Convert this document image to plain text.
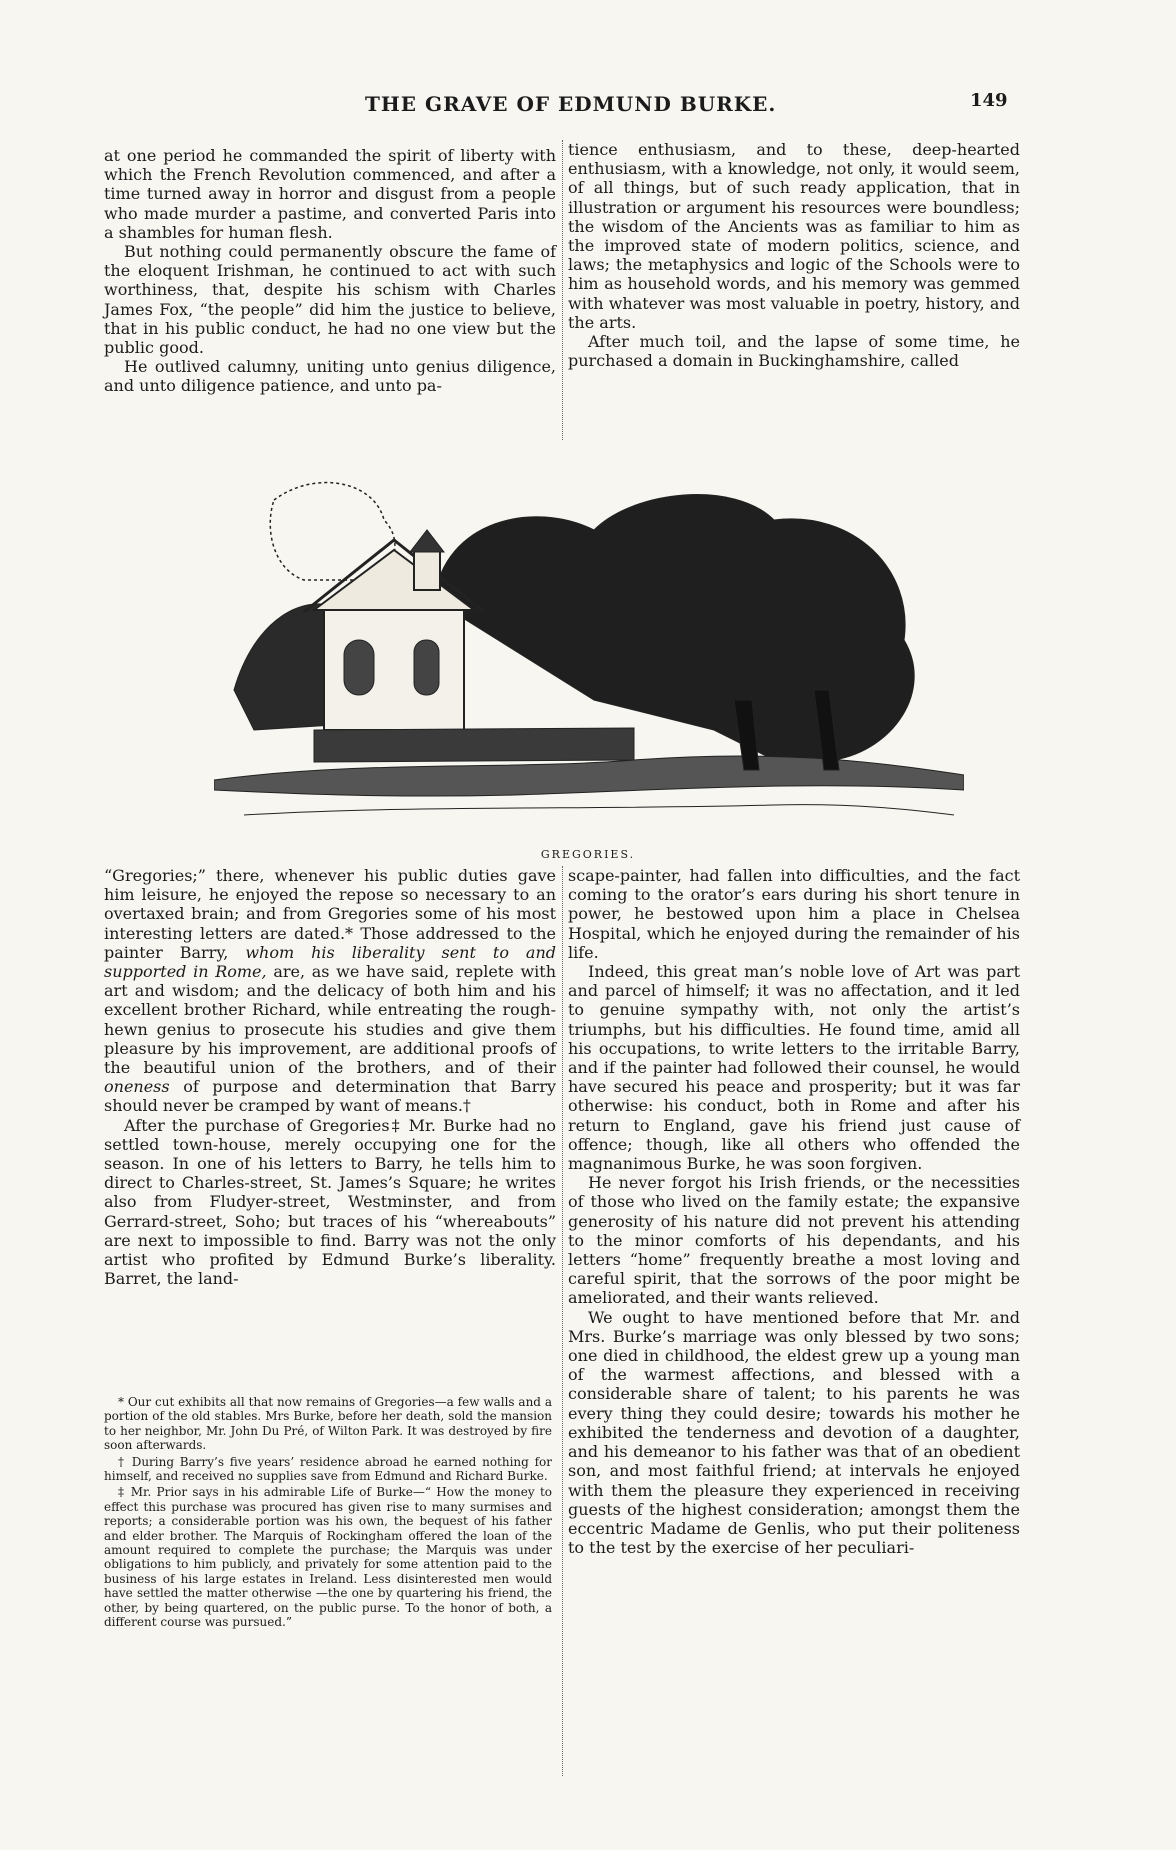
THE GRAVE OF EDMUND BURKE.	149

at one period he commanded the spirit of liberty with which the French Revolution commenced, and after a time turned away in horror and disgust from a people who made murder a pastime, and converted Paris into a shambles for human flesh.

But nothing could permanently obscure the fame of the eloquent Irishman, he continued to act with such worthiness, that, despite his schism with Charles James Fox, “the people” did him the justice to believe, that in his public conduct, he had no one view but the public good.

He outlived calumny, uniting unto genius diligence, and unto diligence patience, and unto pa-

tience enthusiasm, and to these, deep-hearted enthusiasm, with a knowledge, not only, it would seem, of all things, but of such ready application, that in illustration or argument his resources were boundless; the wisdom of the Ancients was as familiar to him as the improved state of modern politics, science, and laws; the metaphysics and logic of the Schools were to him as household words, and his memory was gemmed with whatever was most valuable in poetry, history, and the arts.

After much toil, and the lapse of some time, he purchased a domain in Buckinghamshire, called

GREGORIES.

“Gregories;” there, whenever his public duties gave him leisure, he enjoyed the repose so necessary to an overtaxed brain; and from Gregories some of his most interesting letters are dated.* Those addressed to the painter Barry, whom his liberality sent to and supported in Rome, are, as we have said, replete with art and wisdom; and the delicacy of both him and his excellent brother Richard, while entreating the rough-hewn genius to prosecute his studies and give them pleasure by his improvement, are additional proofs of the beautiful union of the brothers, and of their oneness of purpose and determination that Barry should never be cramped by want of means.†

After the purchase of Gregories‡ Mr. Burke had no settled town-house, merely occupying one for the season. In one of his letters to Barry, he tells him to direct to Charles-street, St. James’s Square; he writes also from Fludyer-street, Westminster, and from Gerrard-street, Soho; but traces of his “whereabouts” are next to impossible to find. Barry was not the only artist who profited by Edmund Burke’s liberality. Barret, the land-

* Our cut exhibits all that now remains of Gregories—a few walls and a portion of the old stables. Mrs Burke, before her death, sold the mansion to her neighbor, Mr. John Du Pré, of Wilton Park. It was destroyed by fire soon afterwards.

† During Barry’s five years’ residence abroad he earned nothing for himself, and received no supplies save from Edmund and Richard Burke.

‡ Mr. Prior says in his admirable Life of Burke—“ How the money to effect this purchase was procured has given rise to many surmises and reports; a considerable portion was his own, the bequest of his father and elder brother. The Marquis of Rockingham offered the loan of the amount required to complete the purchase; the Marquis was under obligations to him publicly, and privately for some attention paid to the business of his large estates in Ireland. Less disinterested men would have settled the matter otherwise —the one by quartering his friend, the other, by being quartered, on the public purse. To the honor of both, a different course was pursued.”

scape-painter, had fallen into difficulties, and the fact coming to the orator’s ears during his short tenure in power, he bestowed upon him a place in Chelsea Hospital, which he enjoyed during the remainder of his life.

Indeed, this great man’s noble love of Art was part and parcel of himself; it was no affectation, and it led to genuine sympathy with, not only the artist’s triumphs, but his difficulties. He found time, amid all his occupations, to write letters to the irritable Barry, and if the painter had followed their counsel, he would have secured his peace and prosperity; but it was far otherwise: his conduct, both in Rome and after his return to England, gave his friend just cause of offence; though, like all others who offended the magnanimous Burke, he was soon forgiven.

He never forgot his Irish friends, or the necessities of those who lived on the family estate; the expansive generosity of his nature did not prevent his attending to the minor comforts of his dependants, and his letters “home” frequently breathe a most loving and careful spirit, that the sorrows of the poor might be ameliorated, and their wants relieved.

We ought to have mentioned before that Mr. and Mrs. Burke’s marriage was only blessed by two sons; one died in childhood, the eldest grew up a young man of the warmest affections, and blessed with a considerable share of talent; to his parents he was every thing they could desire; towards his mother he exhibited the tenderness and devotion of a daughter, and his demeanor to his father was that of an obedient son, and most faithful friend; at intervals he enjoyed with them the pleasure they experienced in receiving guests of the highest consideration; amongst them the eccentric Madame de Genlis, who put their politeness to the test by the exercise of her peculiari-
